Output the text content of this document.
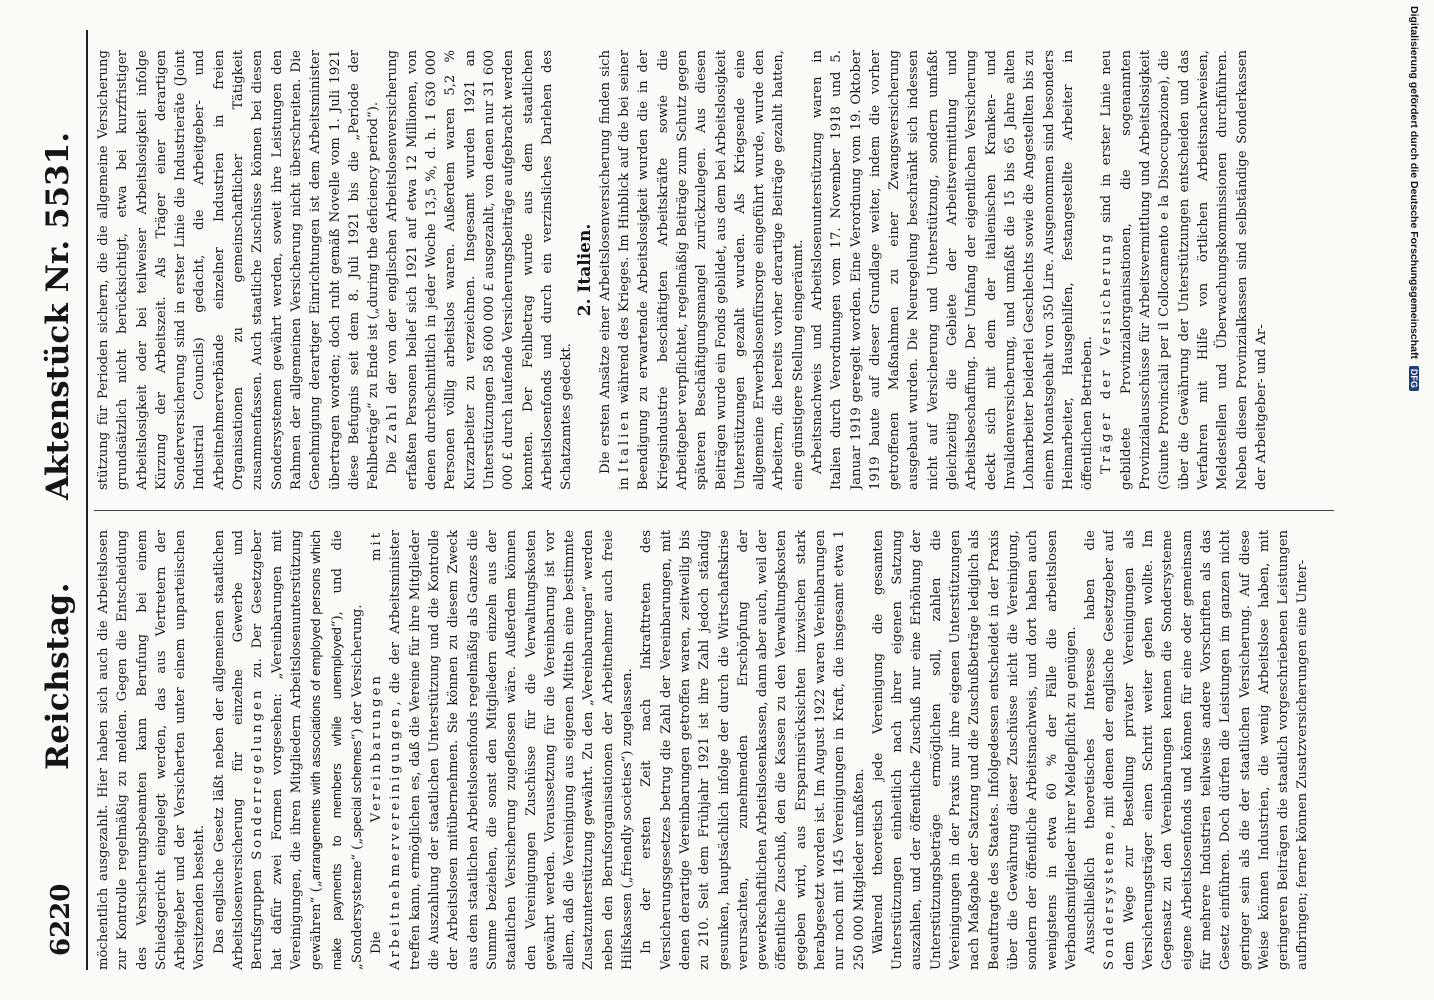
6220
Reichstag.
Aktenstück Nr. 5531.

möchentlich ausgezahlt. Hier haben sich auch die Arbeitslosen zur Kontrolle regelmäßig zu melden. Gegen die Entscheidung des Versicherungsbeamten kann Berufung bei einem Schiedsgericht eingelegt werden, das aus Vertretern der Arbeitgeber und der Versicherten unter einem unparteiischen Vorsitzenden besteht. Das englische Gesetz läßt neben der allgemeinen staatlichen Arbeitslosenversicherung für einzelne Gewerbe und Berufsgruppen Sonderregelungen zu. Der Gesetzgeber hat dafür zwei Formen vorgesehen: „Vereinbarungen mit Vereinigungen, die ihren Mitgliedern Arbeitslosenunterstützung gewähren“ („arrangements with associations of employed persons which make payments to members while unemployed“), und die „Sondersysteme“ („special schemes“) der Versicherung.

Die Vereinbarungen mit Arbeitnehmervereinigungen, die der Arbeitsminister treffen kann, ermöglichen es, daß die Vereine für ihre Mitglieder die Auszahlung der staatlichen Unterstützung und die Kontrolle der Arbeitslosen mitübernehmen. Sie können zu diesem Zweck aus dem staatlichen Arbeitslosenfonds regelmäßig als Ganzes die Summe beziehen, die sonst den Mitgliedern einzeln aus der staatlichen Versicherung zugeflossen wäre. Außerdem können den Vereinigungen Zuschüsse für die Verwaltungskosten gewährt werden. Voraussetzung für die Vereinbarung ist vor allem, daß die Vereinigung aus eigenen Mitteln eine bestimmte Zusatzunterstützung gewährt. Zu den „Vereinbarungen“ werden neben den Berufsorganisationen der Arbeitnehmer auch freie Hilfskassen („friendly societies“) zugelassen. In der ersten Zeit nach Inkrafttreten des Versicherungsgesetzes betrug die Zahl der Vereinbarungen, mit denen derartige Vereinbarungen getroffen waren, zeitweilig bis zu 210. Seit dem Frühjahr 1921 ist ihre Zahl jedoch ständig gesunken, hauptsächlich infolge der durch die Wirtschaftskrise verursachten, zunehmenden Erschöpfung der gewerkschaftlichen Arbeitslosenkassen, dann aber auch, weil der öffentliche Zuschuß, den die Kassen zu den Verwaltungskosten gegeben wird, aus Ersparnisrücksichten inzwischen stark herabgesetzt worden ist. Im August 1922 waren Vereinbarungen nur noch mit 145 Vereinigungen in Kraft, die insgesamt etwa 1 250 000 Mitglieder umfaßten. Während theoretisch jede Vereinigung die gesamten Unterstützungen einheitlich nach ihrer eigenen Satzung auszahlen, und der öffentliche Zuschuß nur eine Erhöhung der Unterstützungsbeträge ermöglichen soll, zahlen die Vereinigungen in der Praxis nur ihre eigenen Unterstützungen nach Maßgabe der Satzung und die Zuschußbeträge lediglich als Beauftragte des Staates. Infolgedessen entscheidet in der Praxis über die Gewährung dieser Zuschüsse nicht die Vereinigung, sondern der öffentliche Arbeitsnachweis, und dort haben auch wenigstens in etwa 60 % der Fälle die arbeitslosen Verbandsmitglieder ihrer Meldepflicht zu genügen. Ausschließlich theoretisches Interesse haben die Sondersysteme, mit denen der englische Gesetzgeber auf dem Wege zur Bestellung privater Vereinigungen als Versicherungsträger einen Schritt weiter gehen wollte. Im Gegensatz zu den Vereinbarungen kennen die Sondersysteme eigene Arbeitslosenfonds und können für eine oder gemeinsam für mehrere Industrien teilweise andere Vorschriften als das Gesetz einführen. Doch dürfen die Leistungen im ganzen nicht geringer sein als die der staatlichen Versicherung. Auf diese Weise können Industrien, die wenig Arbeitslose haben, mit geringeren Beiträgen die staatlich vorgeschriebenen Leistungen aufbringen; ferner können Zusatzversicherungen eine Unter-

stützung für Perioden sichern, die die allgemeine Versicherung grundsätzlich nicht berücksichtigt, etwa bei kurzfristiger Arbeitslosigkeit oder bei teilweiser Arbeitslosigkeit infolge Kürzung der Arbeitszeit. Als Träger einer derartigen Sonderversicherung sind in erster Linie die Industrieräte (Joint Industrial Councils) gedacht, die Arbeitgeber- und Arbeitnehmerverbände einzelner Industrien in freien Organisationen zu gemeinschaftlicher Tätigkeit zusammenfassen. Auch staatliche Zuschüsse können bei diesen Sondersystemen gewährt werden, soweit ihre Leistungen den Rahmen der allgemeinen Versicherung nicht überschreiten. Die Genehmigung derartiger Einrichtungen ist dem Arbeitsminister übertragen worden; doch ruht gemäß Novelle vom 1. Juli 1921 diese Befugnis seit dem 8. Juli 1921 bis die „Periode der Fehlbeträge“ zu Ende ist („during the deficiency period“). Die Zahl der von der englischen Arbeitslosenversicherung erfaßten Personen belief sich 1921 auf etwa 12 Millionen, von denen durchschnittlich in jeder Woche 13,5 %, d. h. 1 630 000 Personen völlig arbeitslos waren. Außerdem waren 5,2 % Kurzarbeiter zu verzeichnen. Insgesamt wurden 1921 an Unterstützungen 58 600 000 £ ausgezahlt, von denen nur 31 600 000 £ durch laufende Versicherungsbeiträge aufgebracht werden konnten. Der Fehlbetrag wurde aus dem staatlichen Arbeitslosenfonds und durch ein verzinsliches Darlehen des Schatzamtes gedeckt.

2. Italien. Die ersten Ansätze einer Arbeitslosenversicherung finden sich in Italien während des Krieges. Im Hinblick auf die bei seiner Beendigung zu erwartende Arbeitslosigkeit wurden die in der Kriegsindustrie beschäftigten Arbeitskräfte sowie die Arbeitgeber verpflichtet, regelmäßig Beiträge zum Schutz gegen späteren Beschäftigungsmangel zurückzulegen. Aus diesen Beiträgen wurde ein Fonds gebildet, aus dem bei Arbeitslosigkeit Unterstützungen gezahlt wurden. Als Kriegsende eine allgemeine Erwerbslosenfürsorge eingeführt wurde, wurde den Arbeitern, die bereits vorher derartige Beiträge gezahlt hatten, eine günstigere Stellung eingeräumt. Arbeitsnachweis und Arbeitslosenunterstützung waren in Italien durch Verordnungen vom 17. November 1918 und 5. Januar 1919 geregelt worden. Eine Verordnung vom 19. Oktober 1919 baute auf dieser Grundlage weiter, indem die vorher getroffenen Maßnahmen zu einer Zwangsversicherung ausgebaut wurden. Die Neuregelung beschränkt sich indessen nicht auf Versicherung und Unterstützung, sondern umfaßt gleichzeitig die Gebiete der Arbeitsvermittlung und Arbeitsbeschaffung. Der Umfang der eigentlichen Versicherung deckt sich mit dem der italienischen Kranken- und Invalidenversicherung, und umfaßt die 15 bis 65 Jahre alten Lohnarbeiter beiderlei Geschlechts sowie die Angestellten bis zu einem Monatsgehalt von 350 Lire. Ausgenommen sind besonders Heimarbeiter, Hausgehilfen, festangestellte Arbeiter in öffentlichen Betrieben. Träger der Versicherung sind in erster Linie neu gebildete Provinzialorganisationen, die sogenannten Provinzialausschüsse für Arbeitsvermittlung und Arbeitslosigkeit (Giunte Provinciali per il Collocamento e la Disoccupazione), die über die Gewährung der Unterstützungen entscheiden und das Verfahren mit Hilfe von örtlichen Arbeitsnachweisen, Meldestellen und Überwachungskommissionen durchführen. Neben diesen Provinzialkassen sind selbständige Sonderkassen der Arbeitgeber- und Ar-

Digitalisierung gefördert durch die Deutsche Forschungsgemeinschaft DFG
